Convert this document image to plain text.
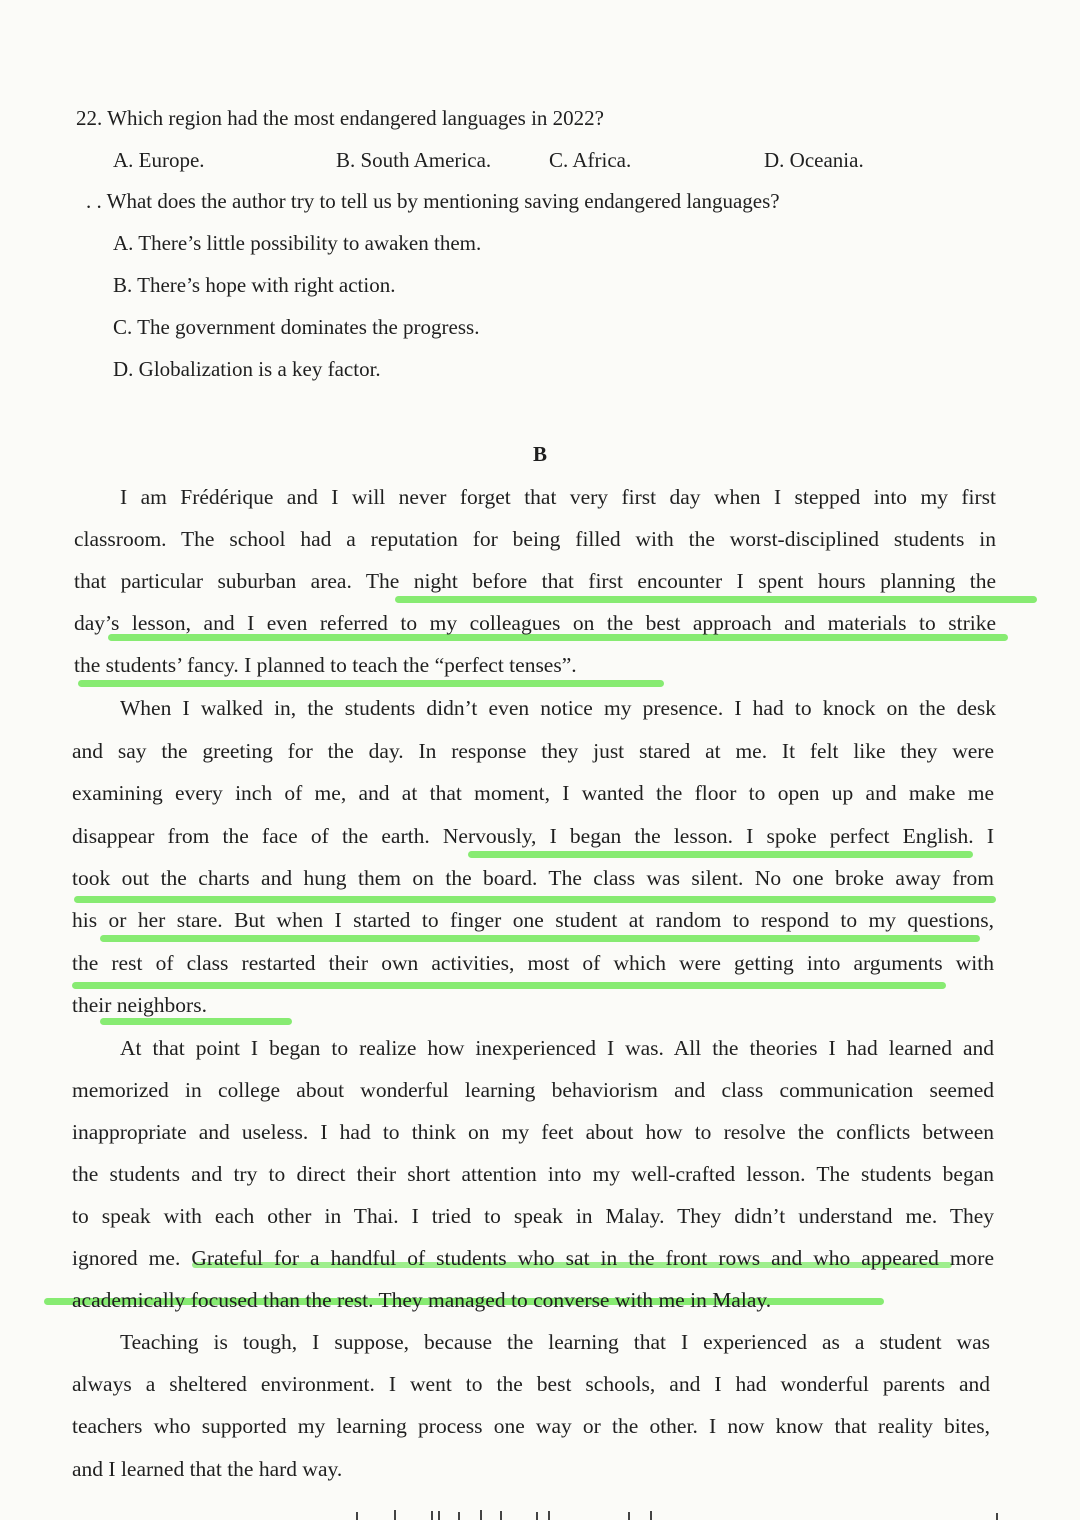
22. Which region had the most endangered languages in 2022?
A. Europe.	B. South America.	C. Africa.	D. Oceania.
. . What does the author try to tell us by mentioning saving endangered languages?
A. There’s little possibility to awaken them.
B. There’s hope with right action.
C. The government dominates the progress.
D. Globalization is a key factor.
B
I am Frédérique and I will never forget that very first day when I stepped into my first
classroom. The school had a reputation for being filled with the worst-disciplined students in
that particular suburban area. The night before that first encounter I spent hours planning the
day’s lesson, and I even referred to my colleagues on the best approach and materials to strike
the students’ fancy. I planned to teach the “perfect tenses”.
When I walked in, the students didn’t even notice my presence. I had to knock on the desk
and say the greeting for the day. In response they just stared at me. It felt like they were
examining every inch of me, and at that moment, I wanted the floor to open up and make me
disappear from the face of the earth. Nervously, I began the lesson. I spoke perfect English. I
took out the charts and hung them on the board. The class was silent. No one broke away from
his or her stare. But when I started to finger one student at random to respond to my questions,
the rest of class restarted their own activities, most of which were getting into arguments with
their neighbors.
At that point I began to realize how inexperienced I was. All the theories I had learned and
memorized in college about wonderful learning behaviorism and class communication seemed
inappropriate and useless. I had to think on my feet about how to resolve the conflicts between
the students and try to direct their short attention into my well-crafted lesson. The students began
to speak with each other in Thai. I tried to speak in Malay. They didn’t understand me. They
ignored me. Grateful for a handful of students who sat in the front rows and who appeared more
academically focused than the rest. They managed to converse with me in Malay.
Teaching is tough, I suppose, because the learning that I experienced as a student was
always a sheltered environment. I went to the best schools, and I had wonderful parents and
teachers who supported my learning process one way or the other. I now know that reality bites,
and I learned that the hard way.
